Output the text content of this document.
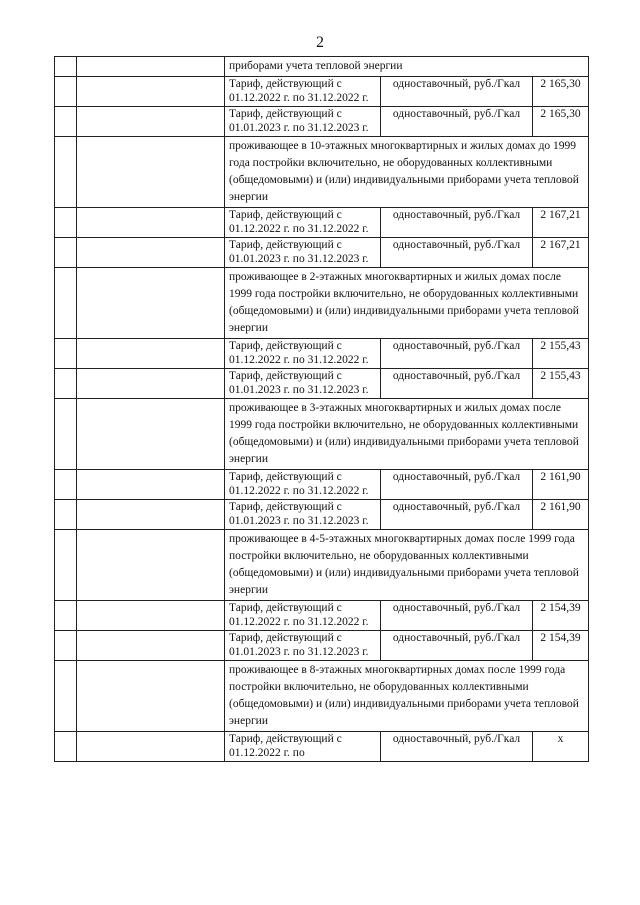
2
		приборами учета тепловой энергии		
		Тариф, действующий с 01.12.2022 г. по 31.12.2022 г.	одноставочный, руб./Гкал	2 165,30
		Тариф, действующий с 01.01.2023 г. по 31.12.2023 г.	одноставочный, руб./Гкал	2 165,30
		проживающее в 10-этажных многоквартирных и жилых домах до 1999 года постройки включительно, не оборудованных коллективными (общедомовыми) и (или) индивидуальными приборами учета тепловой энергии		
		Тариф, действующий с 01.12.2022 г. по 31.12.2022 г.	одноставочный, руб./Гкал	2 167,21
		Тариф, действующий с 01.01.2023 г. по 31.12.2023 г.	одноставочный, руб./Гкал	2 167,21
		проживающее в 2-этажных многоквартирных и жилых домах после 1999 года постройки включительно, не оборудованных коллективными (общедомовыми) и (или) индивидуальными приборами учета тепловой энергии		
		Тариф, действующий с 01.12.2022 г. по 31.12.2022 г.	одноставочный, руб./Гкал	2 155,43
		Тариф, действующий с 01.01.2023 г. по 31.12.2023 г.	одноставочный, руб./Гкал	2 155,43
		проживающее в 3-этажных многоквартирных и жилых домах после 1999 года постройки включительно, не оборудованных коллективными (общедомовыми) и (или) индивидуальными приборами учета тепловой энергии		
		Тариф, действующий с 01.12.2022 г. по 31.12.2022 г.	одноставочный, руб./Гкал	2 161,90
		Тариф, действующий с 01.01.2023 г. по 31.12.2023 г.	одноставочный, руб./Гкал	2 161,90
		проживающее в 4-5-этажных многоквартирных домах после 1999 года постройки включительно, не оборудованных коллективными (общедомовыми) и (или) индивидуальными приборами учета тепловой энергии		
		Тариф, действующий с 01.12.2022 г. по 31.12.2022 г.	одноставочный, руб./Гкал	2 154,39
		Тариф, действующий с 01.01.2023 г. по 31.12.2023 г.	одноставочный, руб./Гкал	2 154,39
		проживающее в 8-этажных многоквартирных домах после 1999 года постройки включительно, не оборудованных коллективными (общедомовыми) и (или) индивидуальными приборами учета тепловой энергии		
		Тариф, действующий с 01.12.2022 г. по	одноставочный, руб./Гкал	х
